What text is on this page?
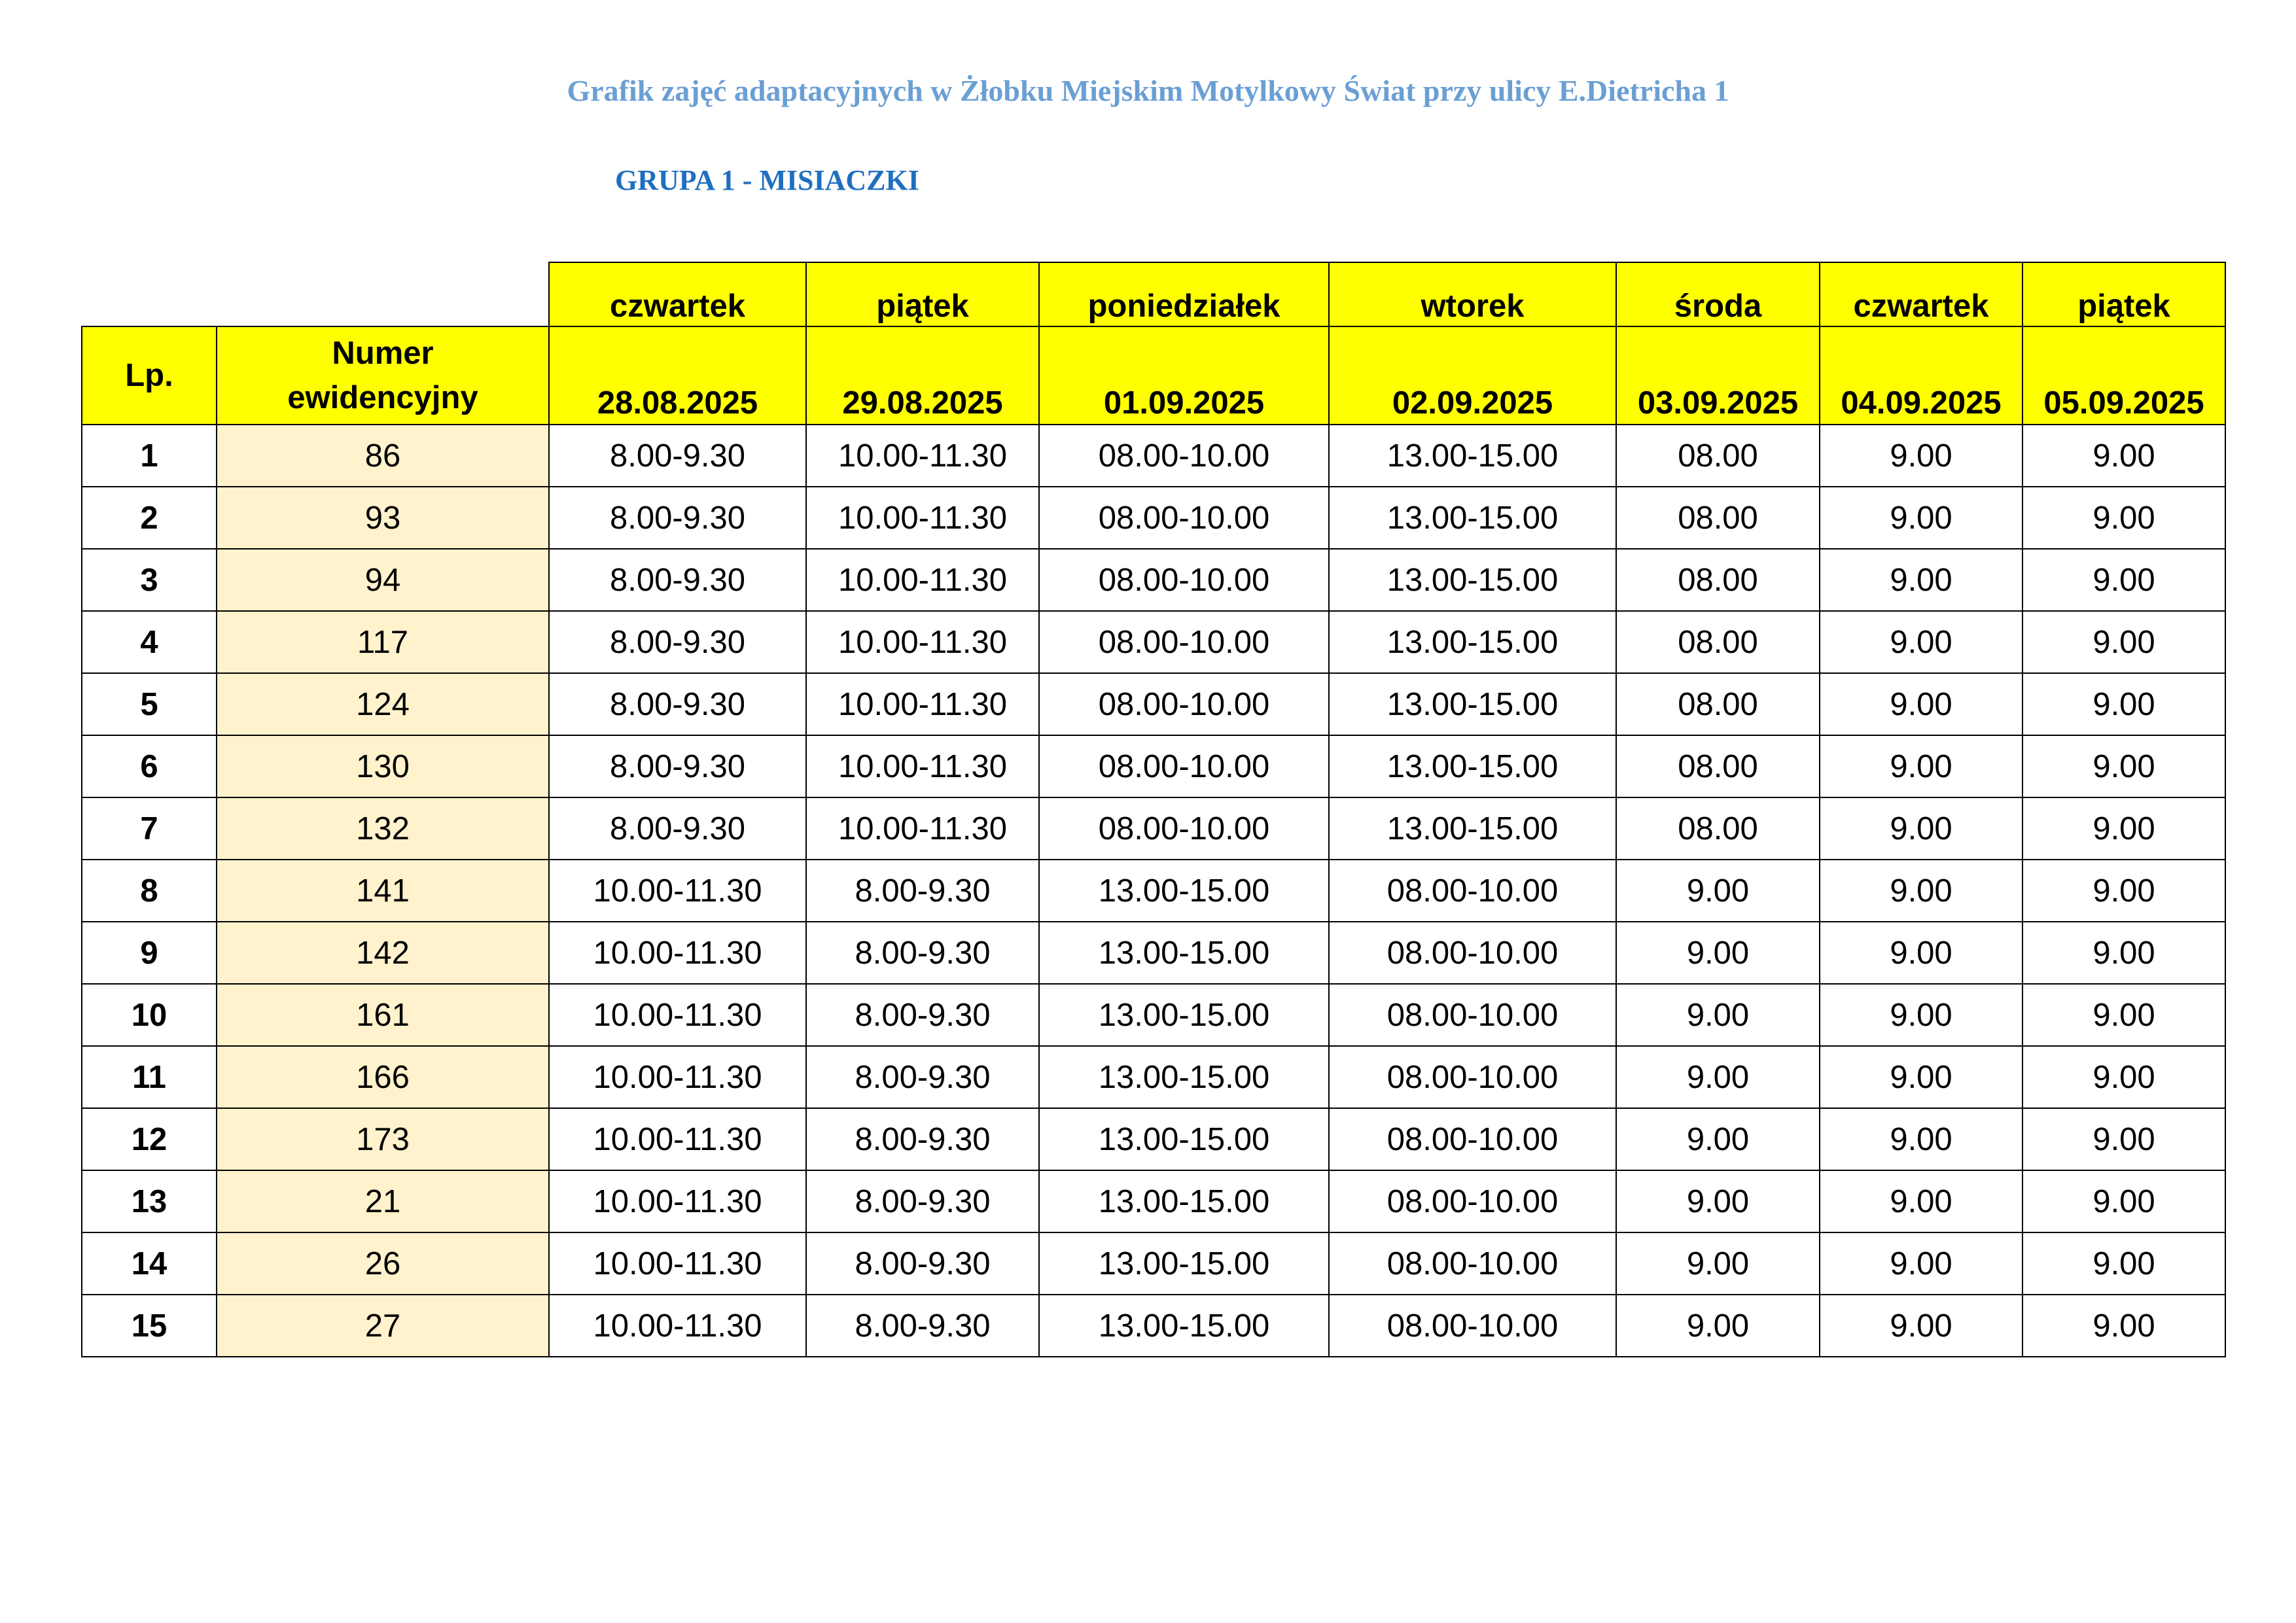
Grafik zajęć adaptacyjnych w Żłobku Miejskim Motylkowy Świat przy ulicy E.Dietricha 1
GRUPA 1 - MISIACZKI
		czwartek	piątek	poniedziałek	wtorek	środa	czwartek	piątek
Lp.	Numer
ewidencyjny	28.08.2025	29.08.2025	01.09.2025	02.09.2025	03.09.2025	04.09.2025	05.09.2025
1	86	8.00-9.30	10.00-11.30	08.00-10.00	13.00-15.00	08.00	9.00	9.00
2	93	8.00-9.30	10.00-11.30	08.00-10.00	13.00-15.00	08.00	9.00	9.00
3	94	8.00-9.30	10.00-11.30	08.00-10.00	13.00-15.00	08.00	9.00	9.00
4	117	8.00-9.30	10.00-11.30	08.00-10.00	13.00-15.00	08.00	9.00	9.00
5	124	8.00-9.30	10.00-11.30	08.00-10.00	13.00-15.00	08.00	9.00	9.00
6	130	8.00-9.30	10.00-11.30	08.00-10.00	13.00-15.00	08.00	9.00	9.00
7	132	8.00-9.30	10.00-11.30	08.00-10.00	13.00-15.00	08.00	9.00	9.00
8	141	10.00-11.30	8.00-9.30	13.00-15.00	08.00-10.00	9.00	9.00	9.00
9	142	10.00-11.30	8.00-9.30	13.00-15.00	08.00-10.00	9.00	9.00	9.00
10	161	10.00-11.30	8.00-9.30	13.00-15.00	08.00-10.00	9.00	9.00	9.00
11	166	10.00-11.30	8.00-9.30	13.00-15.00	08.00-10.00	9.00	9.00	9.00
12	173	10.00-11.30	8.00-9.30	13.00-15.00	08.00-10.00	9.00	9.00	9.00
13	21	10.00-11.30	8.00-9.30	13.00-15.00	08.00-10.00	9.00	9.00	9.00
14	26	10.00-11.30	8.00-9.30	13.00-15.00	08.00-10.00	9.00	9.00	9.00
15	27	10.00-11.30	8.00-9.30	13.00-15.00	08.00-10.00	9.00	9.00	9.00
